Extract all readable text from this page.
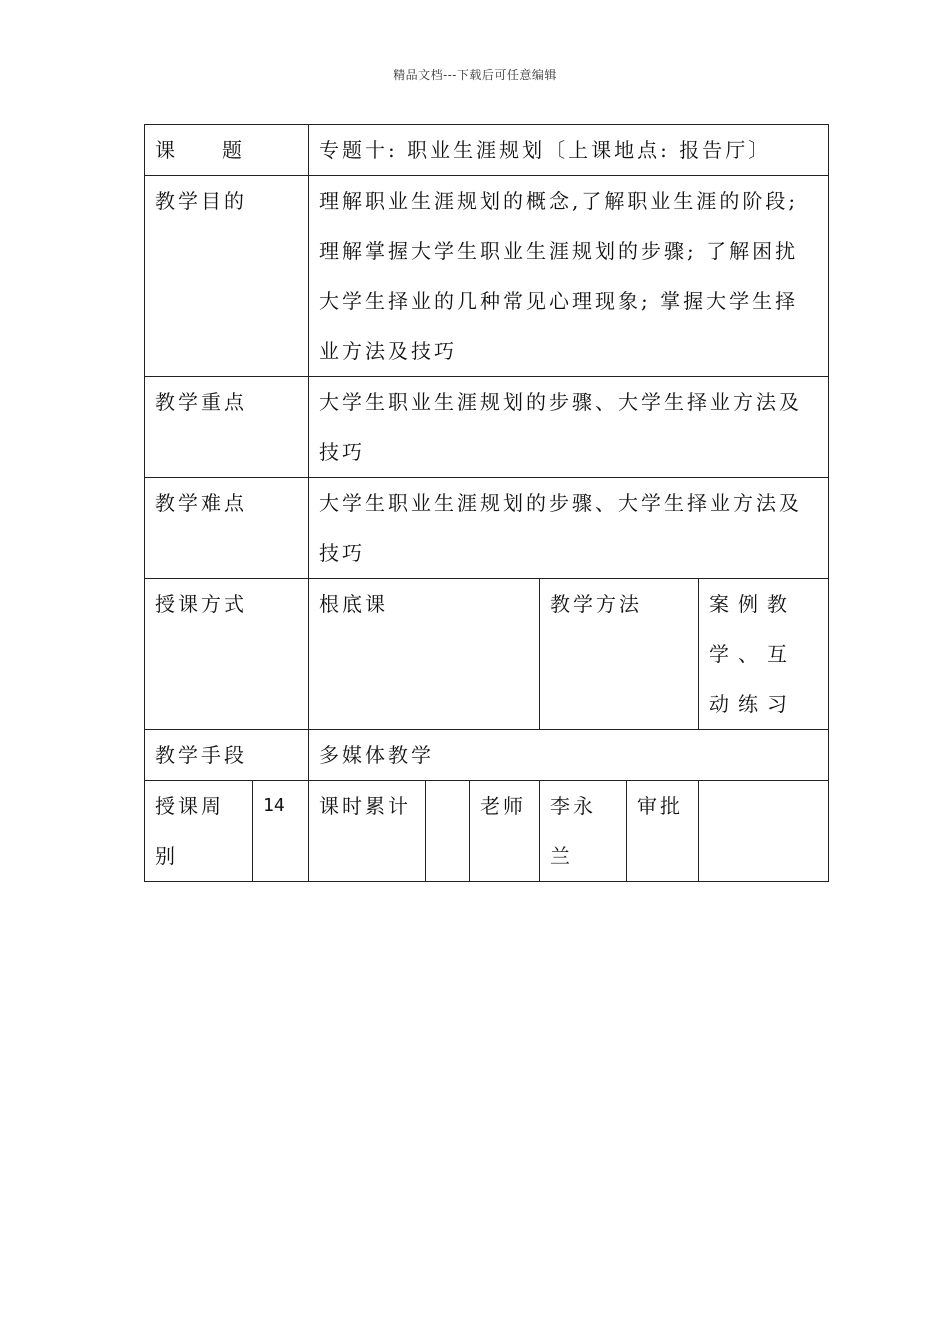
精品文档---下载后可任意编辑
课 题		专题十: 职业生涯规划〔上课地点: 报告厅〕					

教学目的		理解职业生涯规划的概念,了解职业生涯的阶段;理解掌握大学生职业生涯规划的步骤; 了解困扰大学生择业的几种常见心理现象; 掌握大学生择业方法及技巧					

教学重点		大学生职业生涯规划的步骤、大学生择业方法及技巧					

教学难点		大学生职业生涯规划的步骤、大学生择业方法及技巧					

授课方式		根底课			教学方法		案例教学、互动练习

教学手段		多媒体教学					

授课周别	14	课时累计		老师	李永兰	审批	
